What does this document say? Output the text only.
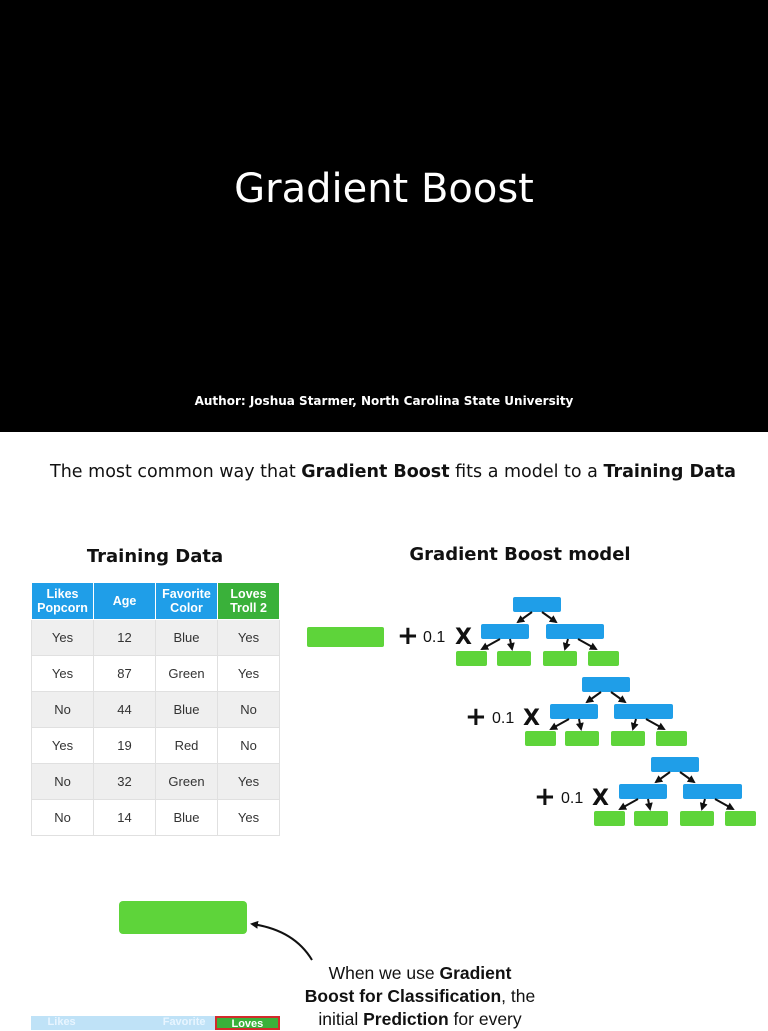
Gradient Boost
Author: Joshua Starmer, North Carolina State University
The most common way that Gradient Boost fits a model to a Training Data
Training Data	Gradient Boost model
Likes Popcorn	Age	Favorite Color	Loves Troll 2
Yes	12	Blue	Yes
Yes	87	Green	Yes
No	44	Blue	No
Yes	19	Red	No
No	32	Green	Yes
No	14	Blue	Yes
+ 0.1 X
+ 0.1 X
+ 0.1 X
When we use Gradient
Boost for Classification, the
initial Prediction for every
Likes	Favorite	Loves
